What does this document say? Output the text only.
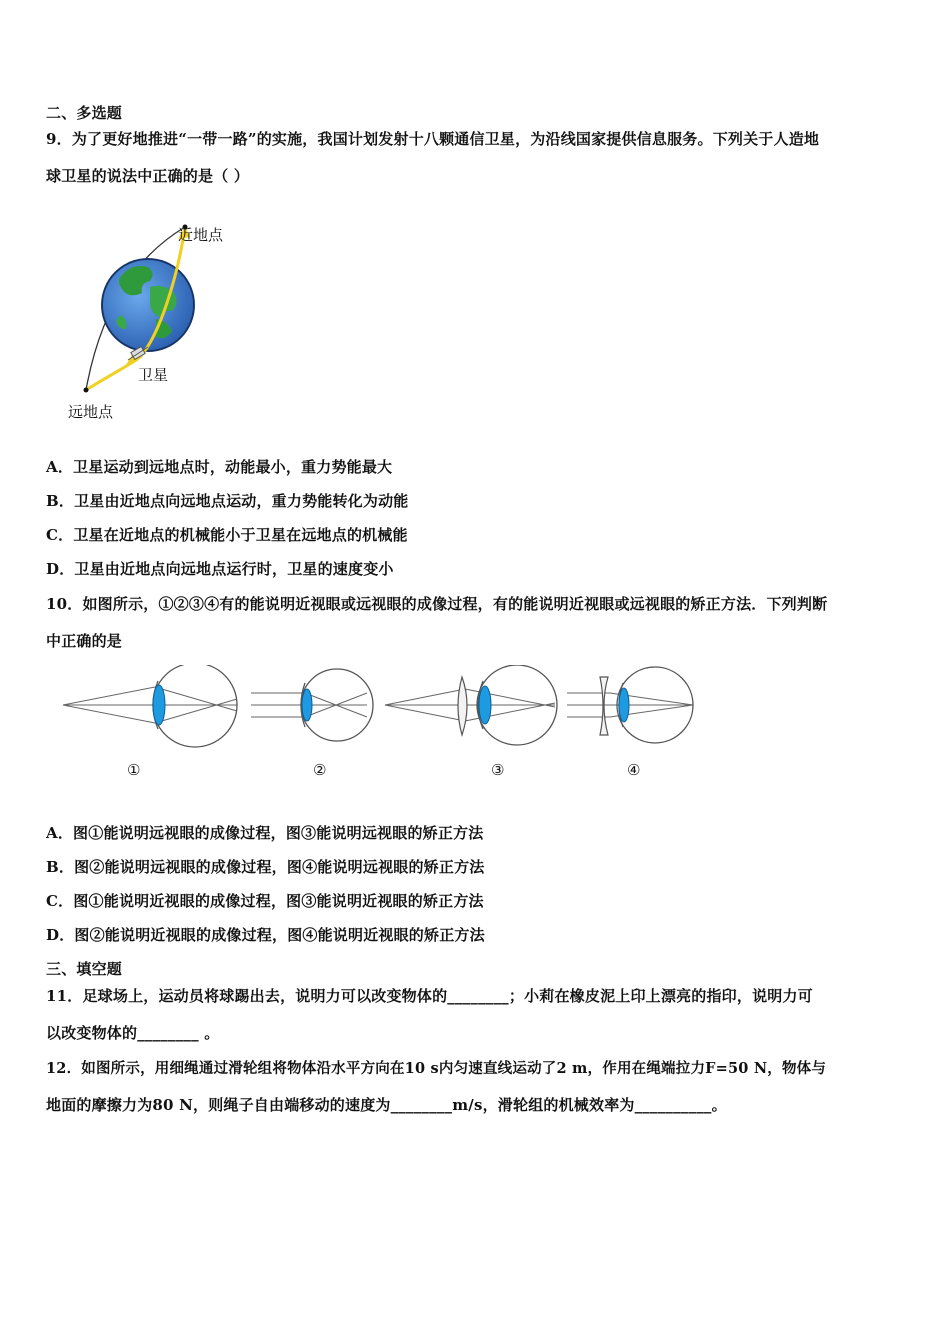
二、多选题
9．为了更好地推进“一带一路”的实施，我国计划发射十八颗通信卫星，为沿线国家提供信息服务。下列关于人造地
球卫星的说法中正确的是（ ）
近地点
卫星
远地点
A．卫星运动到远地点时，动能最小，重力势能最大
B．卫星由近地点向远地点运动，重力势能转化为动能
C．卫星在近地点的机械能小于卫星在远地点的机械能
D．卫星由近地点向远地点运行时，卫星的速度变小
10．如图所示，①②③④有的能说明近视眼或远视眼的成像过程，有的能说明近视眼或远视眼的矫正方法．下列判断
中正确的是
①	②	③	④
A．图①能说明远视眼的成像过程，图③能说明远视眼的矫正方法
B．图②能说明远视眼的成像过程，图④能说明远视眼的矫正方法
C．图①能说明近视眼的成像过程，图③能说明近视眼的矫正方法
D．图②能说明近视眼的成像过程，图④能说明近视眼的矫正方法
三、填空题
11．足球场上，运动员将球踢出去，说明力可以改变物体的________；小莉在橡皮泥上印上漂亮的指印，说明力可
以改变物体的________ 。
12．如图所示，用细绳通过滑轮组将物体沿水平方向在10 s内匀速直线运动了2 m，作用在绳端拉力F=50 N，物体与
地面的摩擦力为80 N，则绳子自由端移动的速度为________m/s，滑轮组的机械效率为__________。
